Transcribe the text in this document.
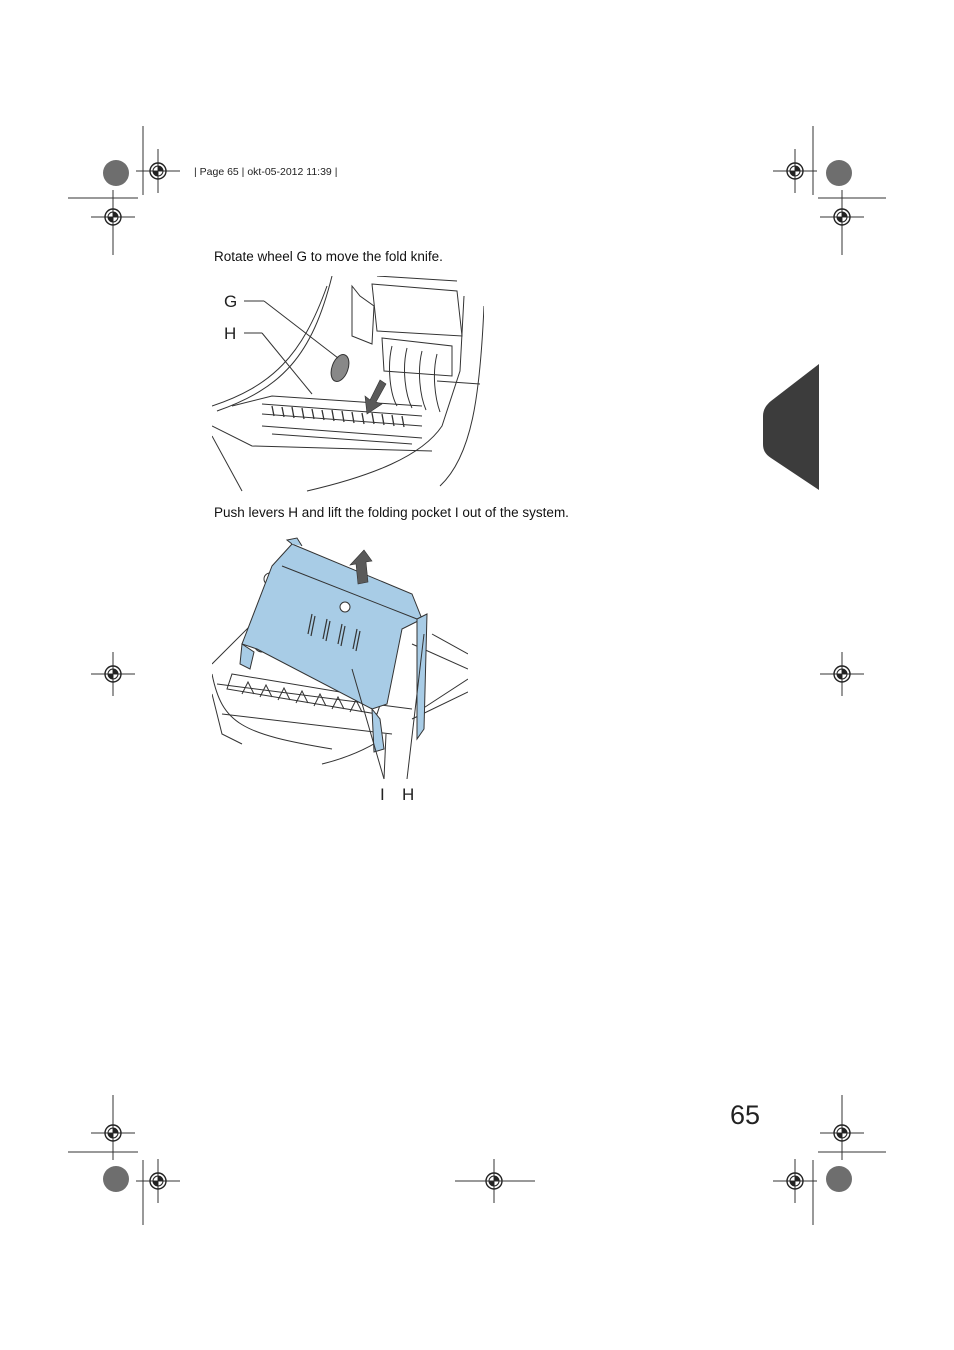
| Page 65 | okt-05-2012 11:39 |
Rotate wheel G to move the fold knife.
G
H
Push levers H and lift the folding pocket I out of the system.
I H
65
